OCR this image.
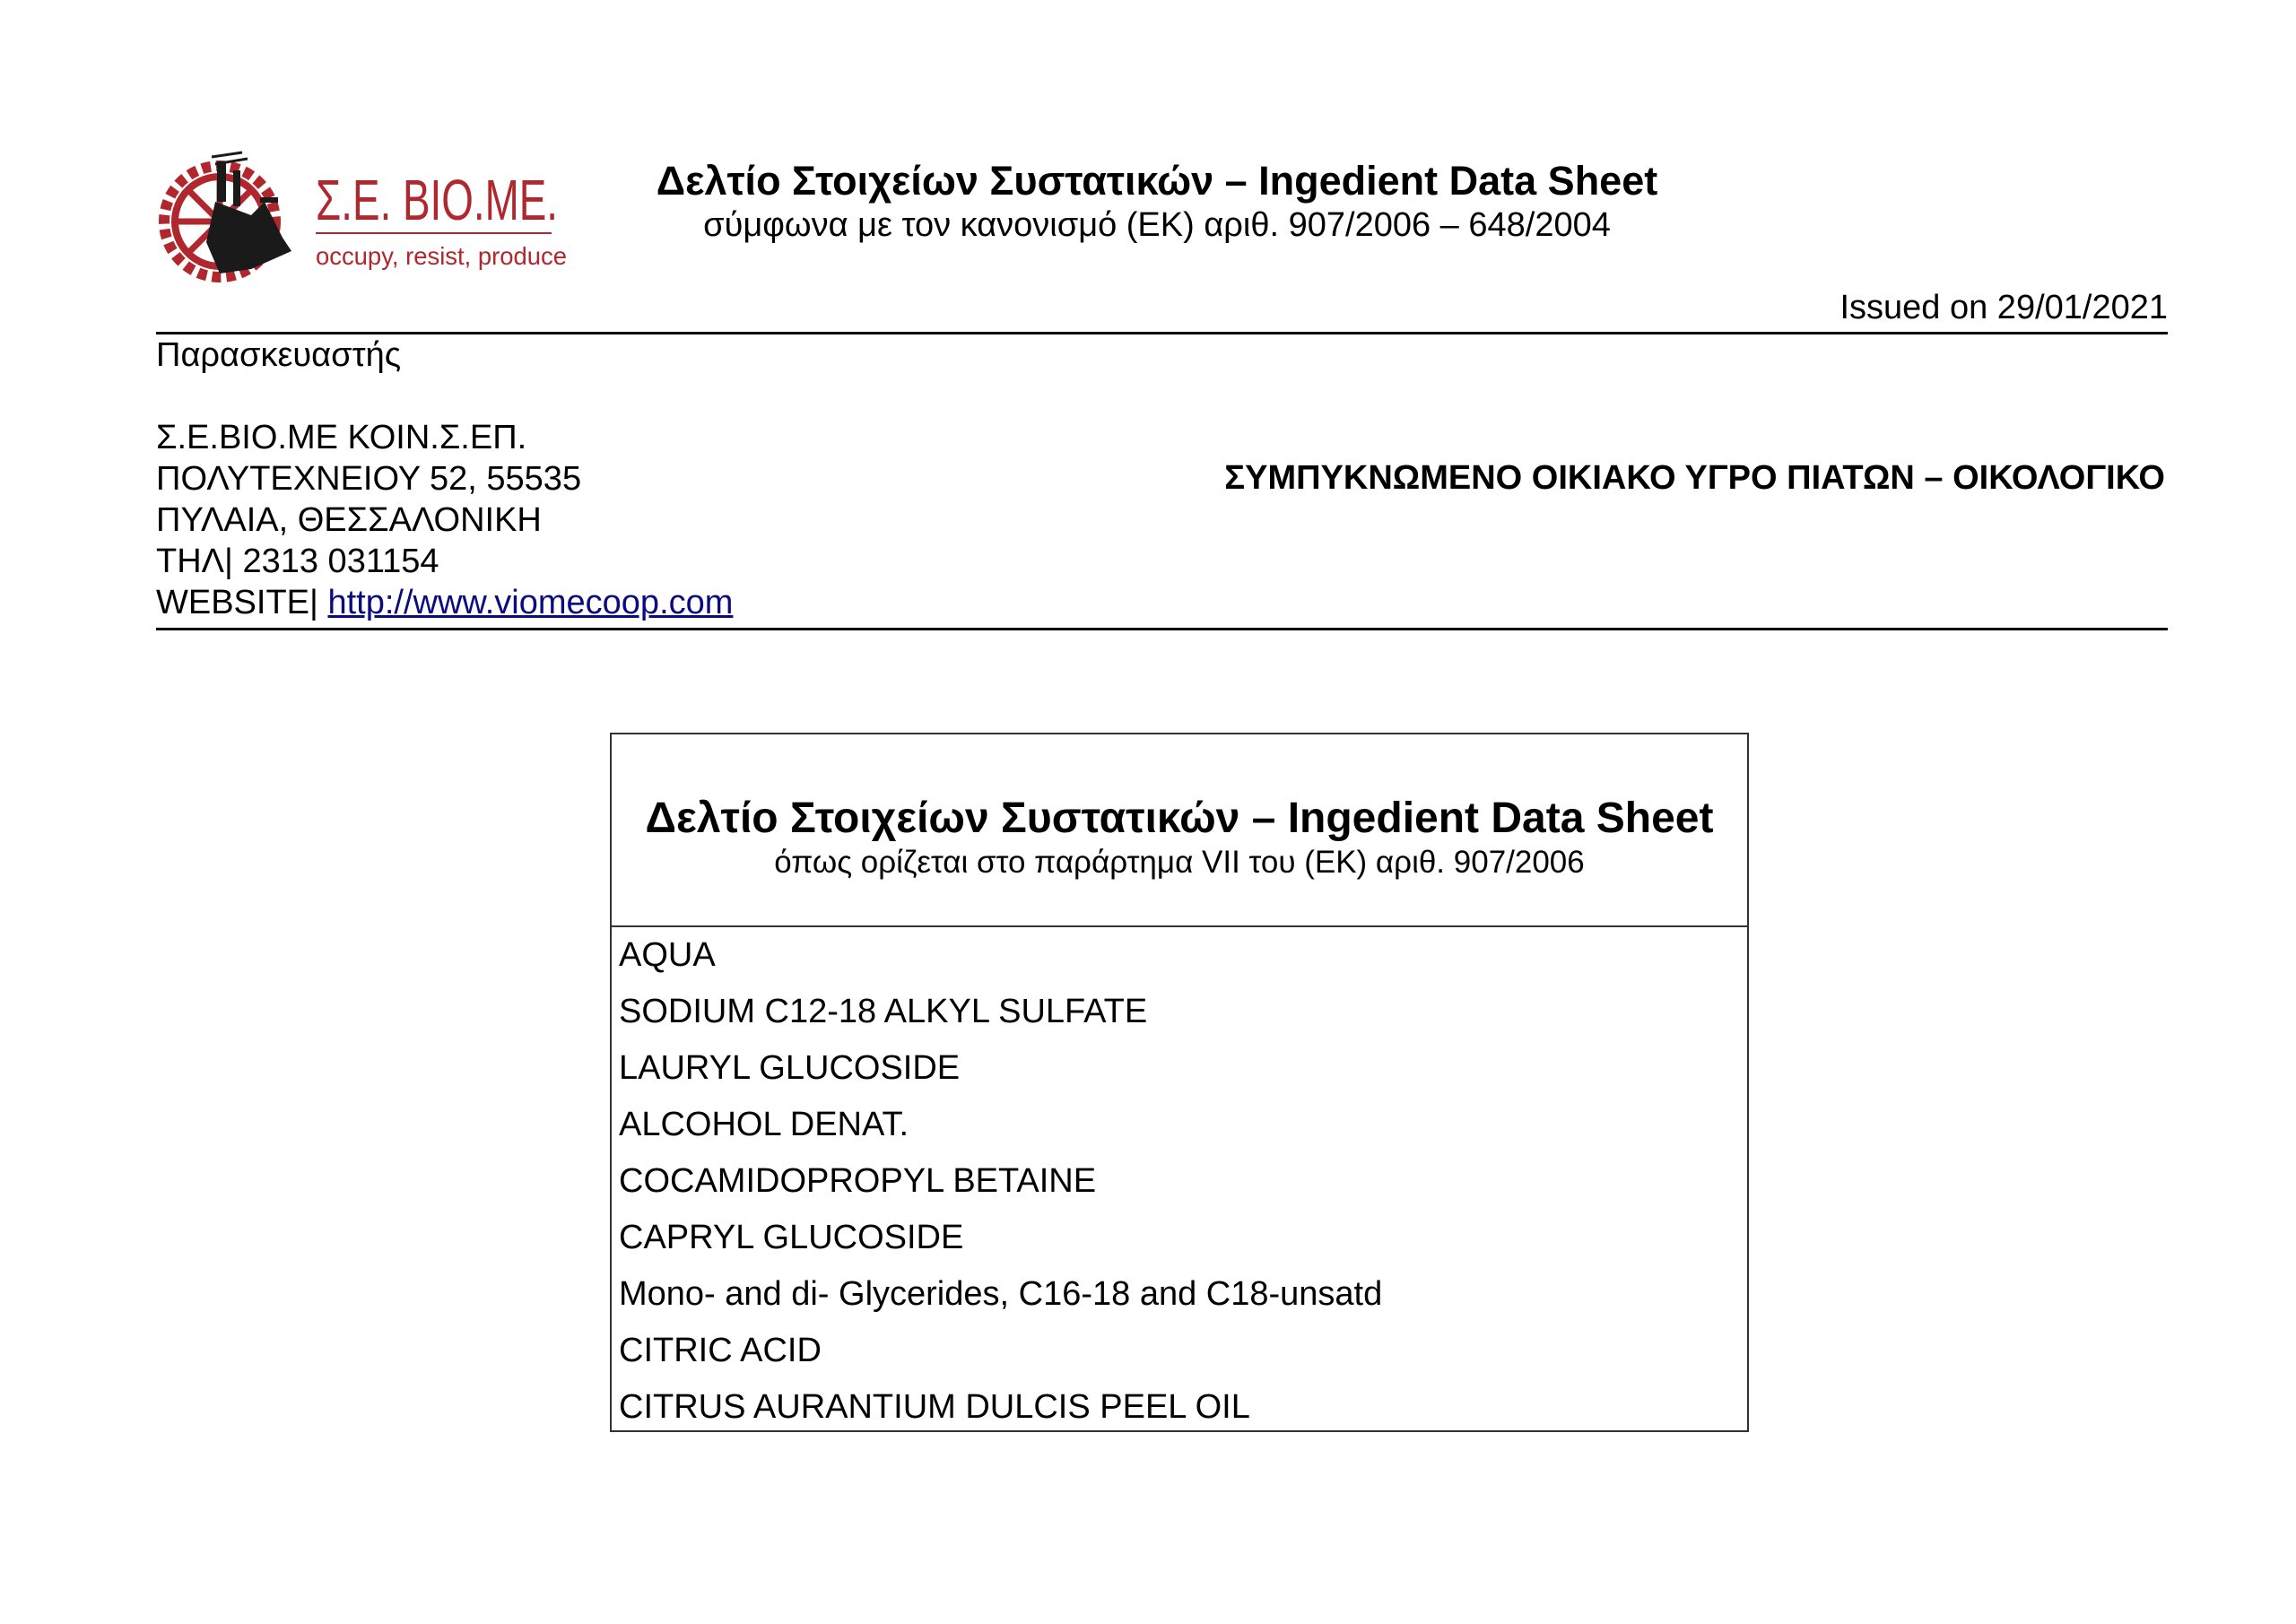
Σ.Ε. ΒΙΟ.ΜΕ.
occupy, resist, produce
Δελτίο Στοιχείων Συστατικών – Ingedient Data Sheet
σύμφωνα με τον κανονισμό (ΕΚ) αριθ. 907/2006 – 648/2004
Issued on 29/01/2021
Παρασκευαστής
Σ.Ε.ΒΙΟ.ΜΕ ΚΟΙΝ.Σ.ΕΠ.
ΠΟΛΥΤΕΧΝΕΙΟΥ 52, 55535
ΠΥΛΑΙΑ, ΘΕΣΣΑΛΟΝΙΚΗ
ΤΗΛ| 2313 031154
WEBSITE| http://www.viomecoop.com
ΣΥΜΠΥΚΝΩΜΕΝΟ ΟΙΚΙΑΚΟ ΥΓΡΟ ΠΙΑΤΩΝ – ΟΙΚΟΛΟΓΙΚΟ
Δελτίο Στοιχείων Συστατικών – Ingedient Data Sheet
όπως ορίζεται στο παράρτημα VII του (ΕΚ) αριθ. 907/2006
AQUA
SODIUM C12-18 ALKYL SULFATE
LAURYL GLUCOSIDE
ALCOHOL DENAT.
COCAMIDOPROPYL BETAINE
CAPRYL GLUCOSIDE
Mono- and di- Glycerides, C16-18 and C18-unsatd
CITRIC ACID
CITRUS AURANTIUM DULCIS PEEL OIL
